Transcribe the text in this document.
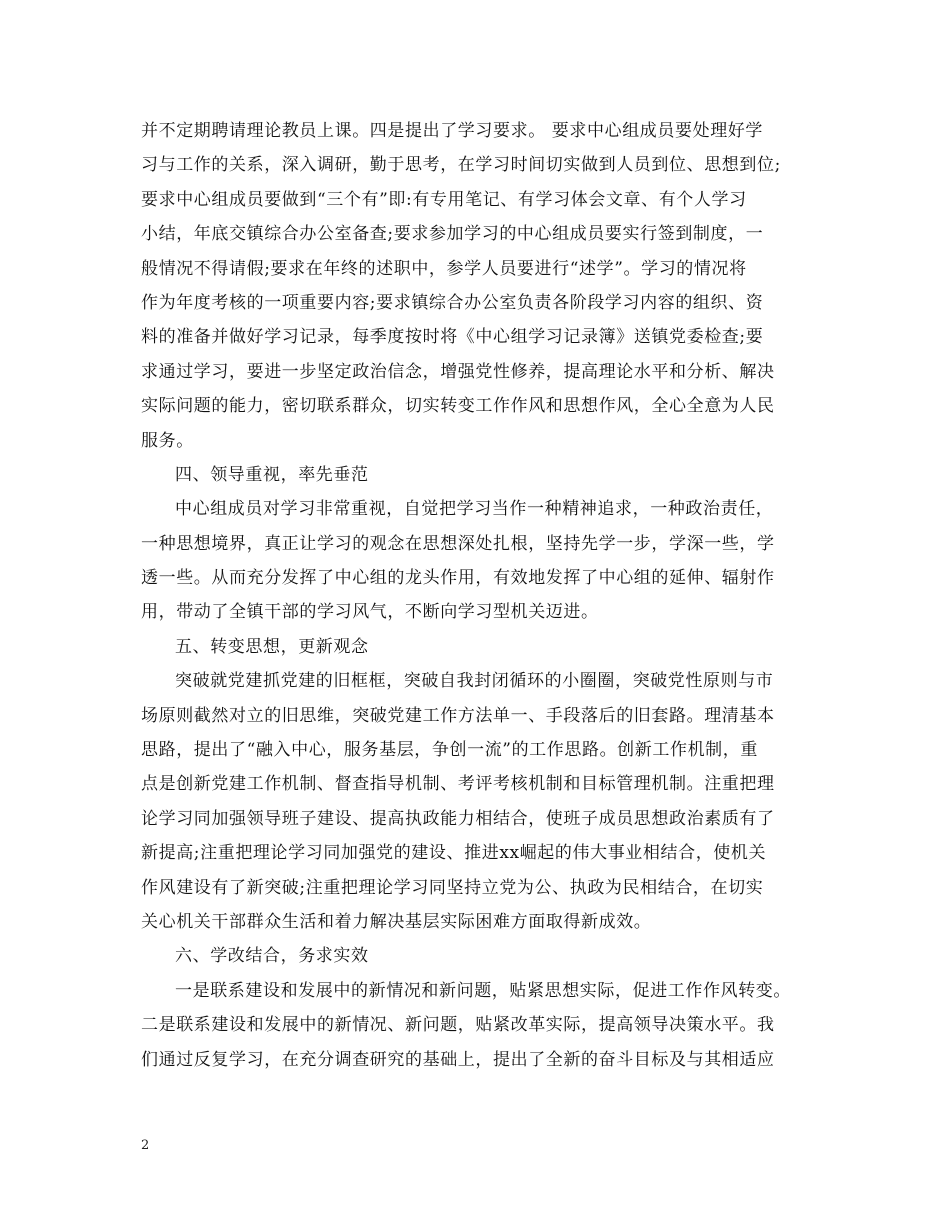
并不定期聘请理论教员上课。四是提出了学习要求。 要求中心组成员要处理好学
习与工作的关系，深入调研，勤于思考，在学习时间切实做到人员到位、思想到位;
要求中心组成员要做到“三个有”即:有专用笔记、有学习体会文章、有个人学习
小结，年底交镇综合办公室备查;要求参加学习的中心组成员要实行签到制度，一
般情况不得请假;要求在年终的述职中，参学人员要进行“述学”。学习的情况将
作为年度考核的一项重要内容;要求镇综合办公室负责各阶段学习内容的组织、资
料的准备并做好学习记录，每季度按时将《中心组学习记录簿》送镇党委检查;要
求通过学习，要进一步坚定政治信念，增强党性修养，提高理论水平和分析、解决
实际问题的能力，密切联系群众，切实转变工作作风和思想作风，全心全意为人民
服务。
四、领导重视，率先垂范
中心组成员对学习非常重视，自觉把学习当作一种精神追求，一种政治责任，
一种思想境界，真正让学习的观念在思想深处扎根，坚持先学一步，学深一些，学
透一些。从而充分发挥了中心组的龙头作用，有效地发挥了中心组的延伸、辐射作
用，带动了全镇干部的学习风气，不断向学习型机关迈进。
五、转变思想，更新观念
突破就党建抓党建的旧框框，突破自我封闭循环的小圈圈，突破党性原则与市
场原则截然对立的旧思维，突破党建工作方法单一、手段落后的旧套路。理清基本
思路，提出了“融入中心，服务基层，争创一流”的工作思路。创新工作机制，重
点是创新党建工作机制、督查指导机制、考评考核机制和目标管理机制。注重把理
论学习同加强领导班子建设、提高执政能力相结合，使班子成员思想政治素质有了
新提高;注重把理论学习同加强党的建设、推进xx崛起的伟大事业相结合，使机关
作风建设有了新突破;注重把理论学习同坚持立党为公、执政为民相结合，在切实
关心机关干部群众生活和着力解决基层实际困难方面取得新成效。
六、学改结合，务求实效
一是联系建设和发展中的新情况和新问题，贴紧思想实际，促进工作作风转变。
二是联系建设和发展中的新情况、新问题，贴紧改革实际，提高领导决策水平。我
们通过反复学习，在充分调查研究的基础上，提出了全新的奋斗目标及与其相适应
2
